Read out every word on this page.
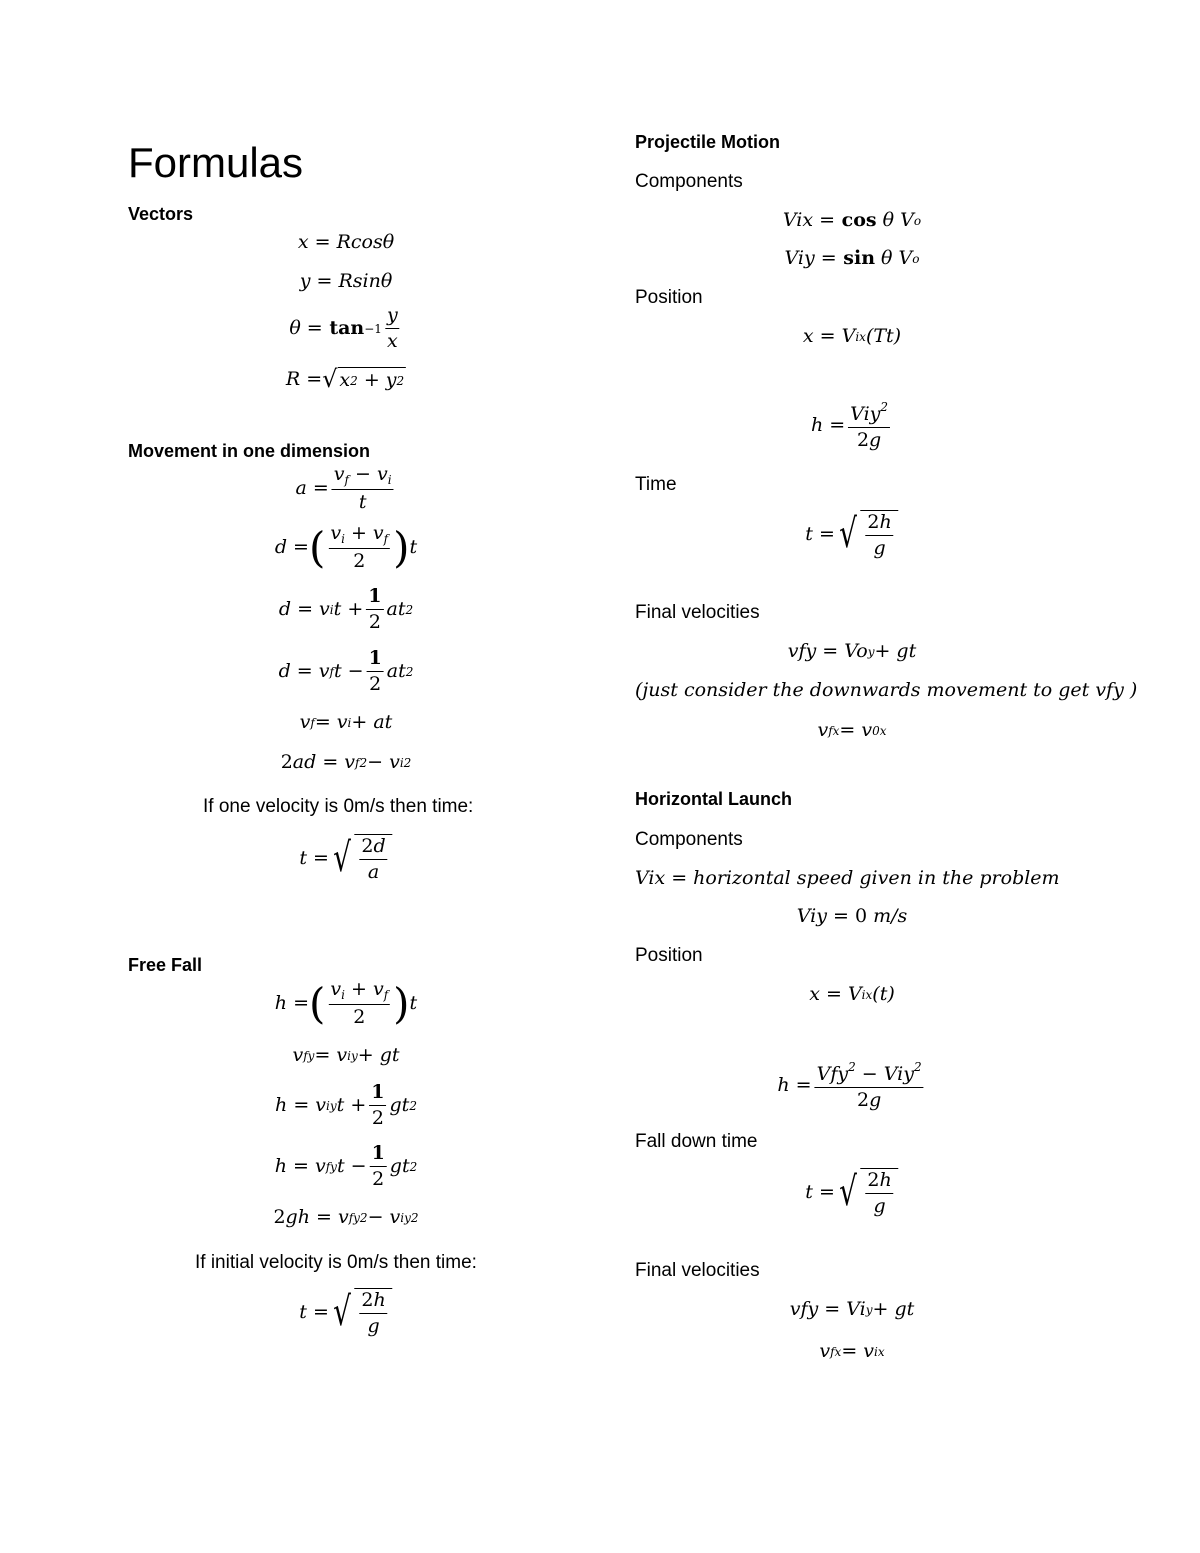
Formulas
Vectors
x = Rcosθ
y = Rsinθ
$\theta = \tan -1 \frac{y}{x}$
R = √ x 2 + y 2
Movement in one dimension
$a = \frac{v_f - v_i}{t}$
d = ( $\frac{v_i + v_f}{2}$ ) t
d = v i $t + \frac{1}{2}$ at 2
d = v f $t - \frac{1}{2}$ at 2
v f = v i + at
2 ad = v f 2 − v i 2
If one velocity is 0m/s then time:
t = √ $\frac{2d}{a}$
Free Fall
h = ( $\frac{v_i + v_f}{2}$ ) t
v fy = v iy + gt
h = v iy $t + \frac{1}{2}$ gt 2
h = v fy $t - \frac{1}{2}$ gt 2
2 gh = v fy 2 − v iy 2
If initial velocity is 0m/s then time:
t = √ $\frac{2h}{g}$
Projectile Motion
Components
Vix = cos θ V o
Viy = sin θ V o
Position
x = V ix (Tt)
$h = \frac{Viy^2}{2g}$
Time
t = √ $\frac{2h}{g}$
Final velocities
vfy = Vo y + gt
(just consider the downwards movement to get vfy )
v fx = v 0x
Horizontal Launch
Components
Vix = horizontal speed given in the problem
Viy = 0 m/s
Position
x = V ix (t)
$h = \frac{Vfy^2 - Viy^2}{2g}$
Fall down time
t = √ $\frac{2h}{g}$
Final velocities
vfy = Vi y + gt
v fx = v ix
